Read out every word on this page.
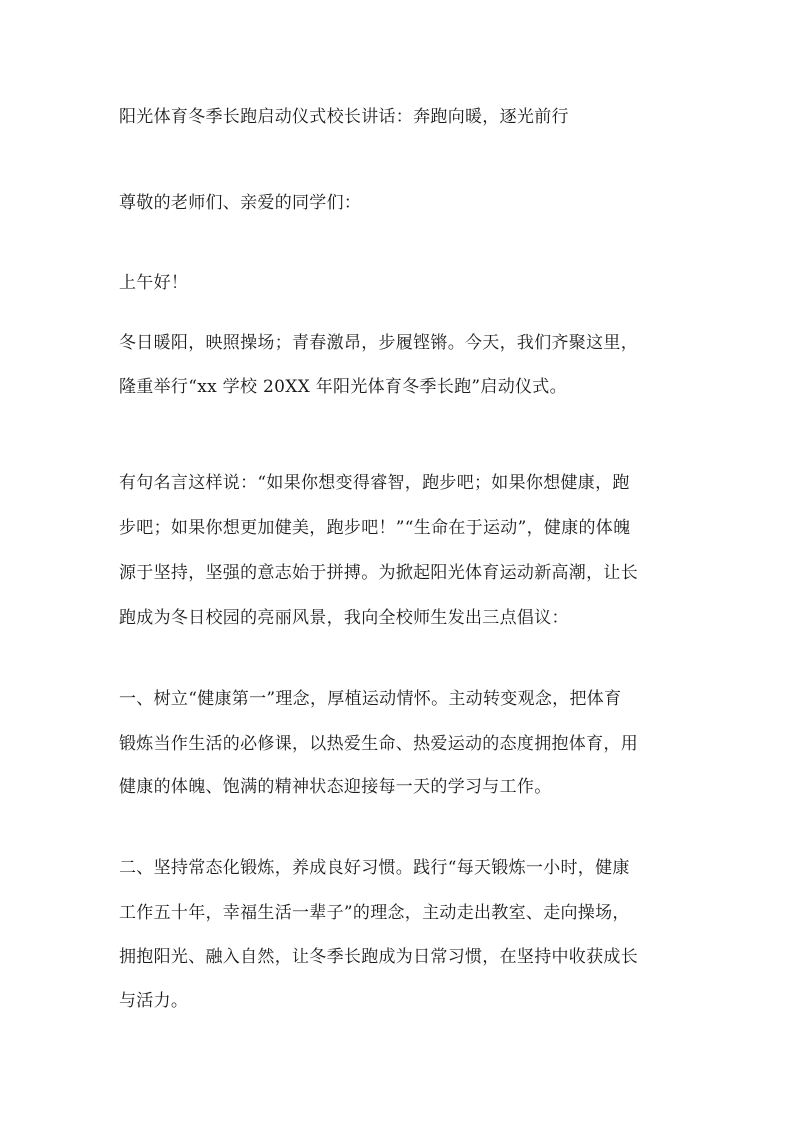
阳光体育冬季长跑启动仪式校长讲话：奔跑向暖，逐光前行
尊敬的老师们、亲爱的同学们：
上午好！
冬日暖阳，映照操场；青春激昂，步履铿锵。今天，我们齐聚这里，
隆重举行“xx 学校 20XX 年阳光体育冬季长跑”启动仪式。
有句名言这样说：“如果你想变得睿智，跑步吧；如果你想健康，跑
步吧；如果你想更加健美，跑步吧！”“生命在于运动”，健康的体魄
源于坚持，坚强的意志始于拼搏。为掀起阳光体育运动新高潮，让长
跑成为冬日校园的亮丽风景，我向全校师生发出三点倡议：
一、树立“健康第一”理念，厚植运动情怀。主动转变观念，把体育
锻炼当作生活的必修课，以热爱生命、热爱运动的态度拥抱体育，用
健康的体魄、饱满的精神状态迎接每一天的学习与工作。
二、坚持常态化锻炼，养成良好习惯。践行“每天锻炼一小时，健康
工作五十年，幸福生活一辈子”的理念，主动走出教室、走向操场，
拥抱阳光、融入自然，让冬季长跑成为日常习惯，在坚持中收获成长
与活力。
